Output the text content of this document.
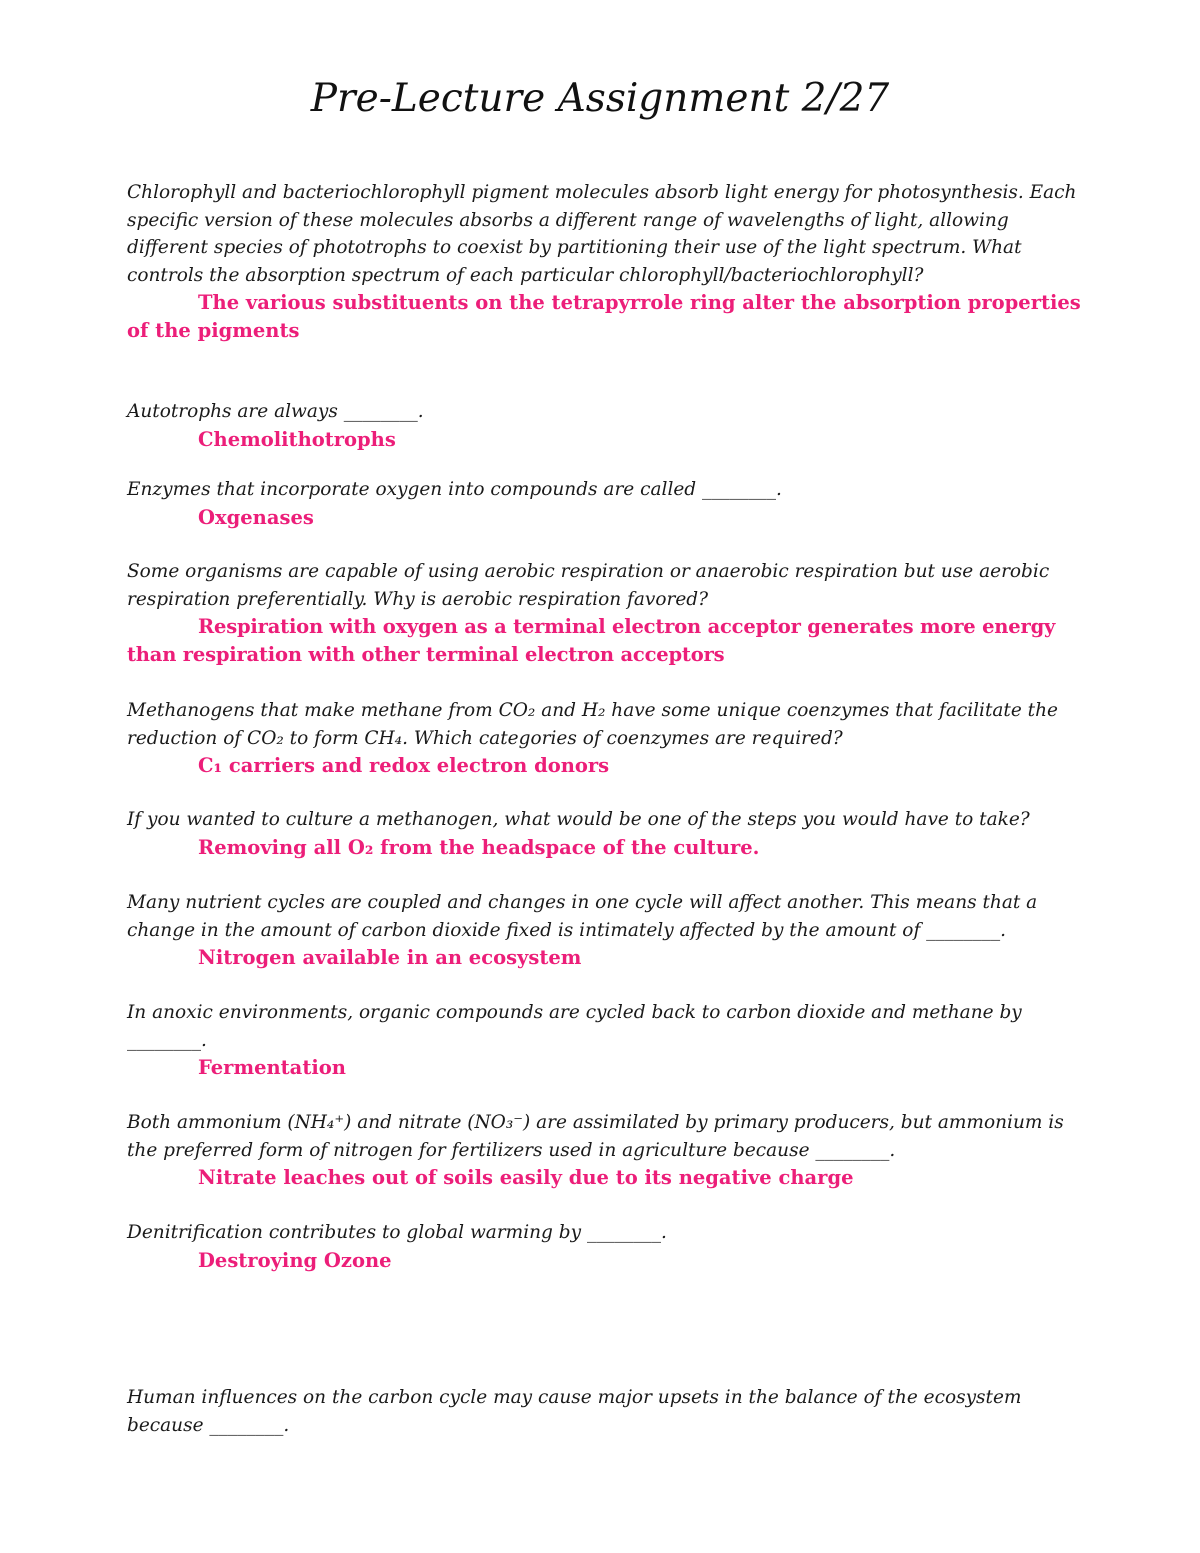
Pre-Lecture Assignment 2/27

Chlorophyll and bacteriochlorophyll pigment molecules absorb light energy for photosynthesis. Each specific version of these molecules absorbs a different range of wavelengths of light, allowing different species of phototrophs to coexist by partitioning their use of the light spectrum. What controls the absorption spectrum of each particular chlorophyll/bacteriochlorophyll?

The various substituents on the tetrapyrrole ring alter the absorption properties of the pigments

Autotrophs are always ________.

Chemolithotrophs

Enzymes that incorporate oxygen into compounds are called ________.

Oxgenases

Some organisms are capable of using aerobic respiration or anaerobic respiration but use aerobic respiration preferentially. Why is aerobic respiration favored?

Respiration with oxygen as a terminal electron acceptor generates more energy than respiration with other terminal electron acceptors

Methanogens that make methane from CO₂ and H₂ have some unique coenzymes that facilitate the reduction of CO₂ to form CH₄. Which categories of coenzymes are required?

C₁ carriers and redox electron donors

If you wanted to culture a methanogen, what would be one of the steps you would have to take?

Removing all O₂ from the headspace of the culture.

Many nutrient cycles are coupled and changes in one cycle will affect another. This means that a change in the amount of carbon dioxide fixed is intimately affected by the amount of ________.

Nitrogen available in an ecosystem

In anoxic environments, organic compounds are cycled back to carbon dioxide and methane by ________.

Fermentation

Both ammonium (NH₄⁺) and nitrate (NO₃⁻) are assimilated by primary producers, but ammonium is the preferred form of nitrogen for fertilizers used in agriculture because ________.

Nitrate leaches out of soils easily due to its negative charge

Denitrification contributes to global warming by ________.

Destroying Ozone

Human influences on the carbon cycle may cause major upsets in the balance of the ecosystem because ________.
